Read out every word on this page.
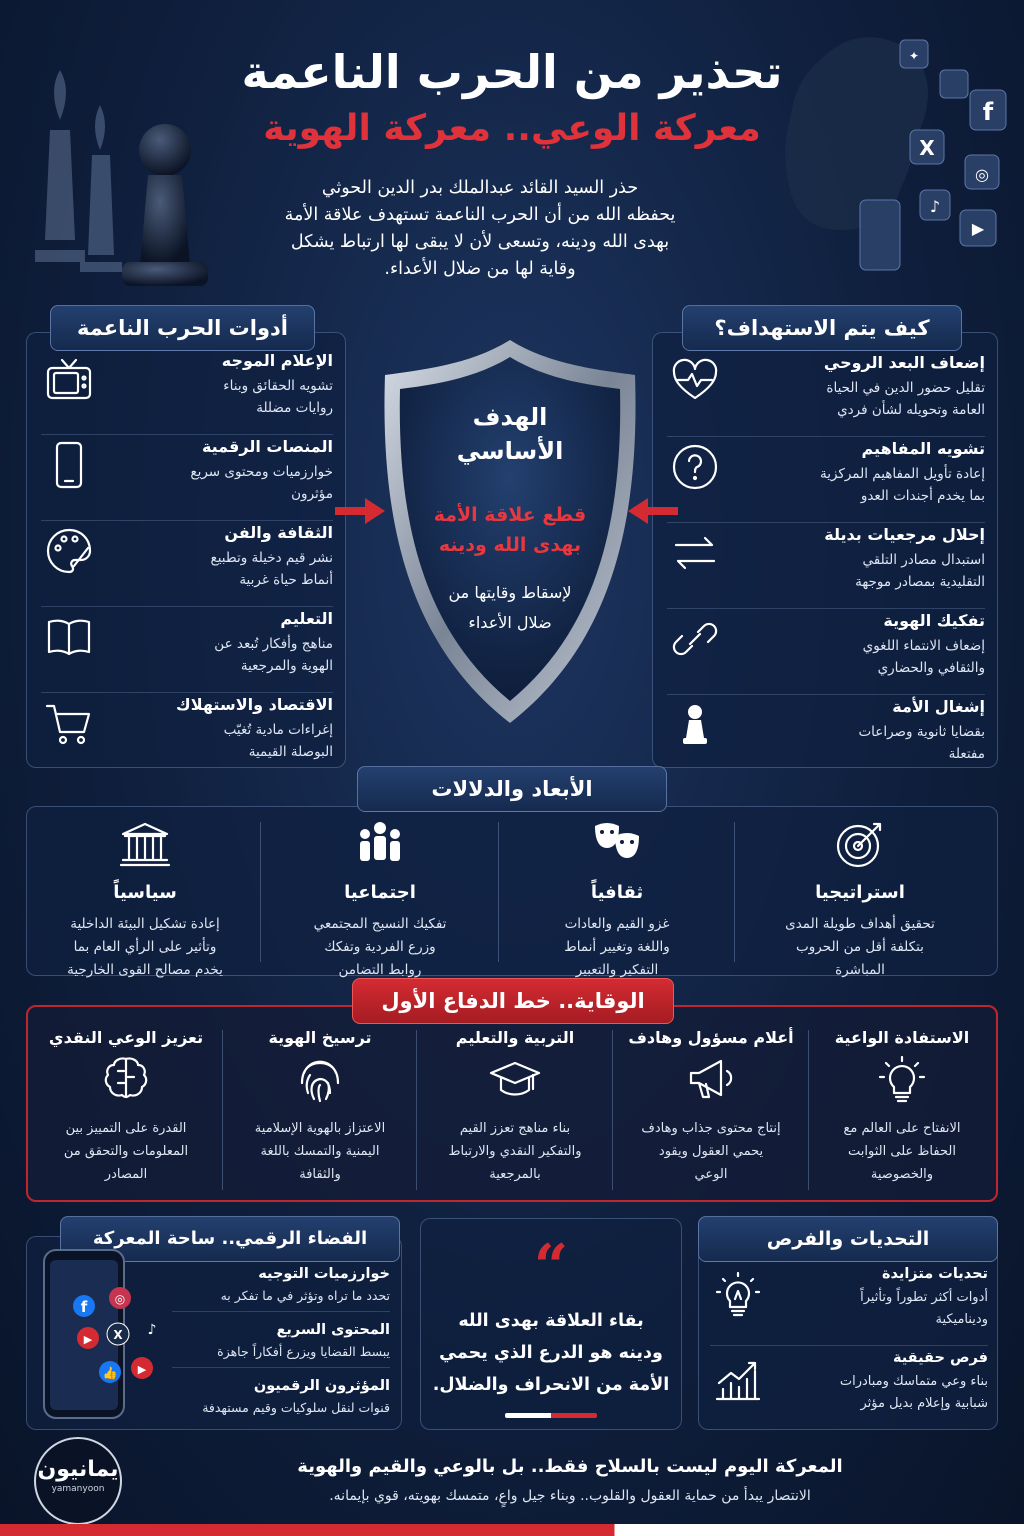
f
X
◎
♪
▶
✦
تحذير من الحرب الناعمة
معركة الوعي.. معركة الهوية
حذر السيد القائد عبدالملك بدر الدين الحوثي
يحفظه الله من أن الحرب الناعمة تستهدف علاقة الأمة
بهدى الله ودينه، وتسعى لأن لا يبقى لها ارتباط يشكل
وقاية لها من ضلال الأعداء.
إضعاف البعد الروحي
تقليل حضور الدين في الحياة
العامة وتحويله لشأن فردي
تشويه المفاهيم
إعادة تأويل المفاهيم المركزية
بما يخدم أجندات العدو
إحلال مرجعيات بديلة
استبدال مصادر التلقي
التقليدية بمصادر موجهة
تفكيك الهوية
إضعاف الانتماء اللغوي
والثقافي والحضاري
إشغال الأمة
بقضايا ثانوية وصراعات
مفتعلة
كيف يتم الاستهداف؟
الإعلام الموجه
تشويه الحقائق وبناء
روايات مضللة
المنصات الرقمية
خوارزميات ومحتوى سريع
مؤثرون
الثقافة والفن
نشر قيم دخيلة وتطبيع
أنماط حياة غربية
التعليم
مناهج وأفكار تُبعد عن
الهوية والمرجعية
الاقتصاد والاستهلاك
إغراءات مادية تُغيّب
البوصلة القيمية
أدوات الحرب الناعمة
الهدف
الأساسي
قطع علاقة الأمة
بهدى الله ودينه
لإسقاط وقايتها من
ضلال الأعداء
الأبعاد والدلالات
استراتيجيا
تحقيق أهداف طويلة المدى
بتكلفة أقل من الحروب
المباشرة
ثقافياً
غزو القيم والعادات
واللغة وتغيير أنماط
التفكير والتعبير
اجتماعيا
تفكيك النسيج المجتمعي
وزرع الفردية وتفكك
روابط التضامن
سياسياً
إعادة تشكيل البيئة الداخلية
وتأثير على الرأي العام بما
يخدم مصالح القوى الخارجية
الوقاية.. خط الدفاع الأول
الاستفادة الواعية
الانفتاح على العالم مع
الحفاظ على الثوابت
والخصوصية
أعلام مسؤول وهادف
إنتاج محتوى جذاب وهادف
يحمي العقول ويقود
الوعي
التربية والتعليم
بناء مناهج تعزز القيم
والتفكير النقدي والارتباط
بالمرجعية
ترسيخ الهوية
الاعتزاز بالهوية الإسلامية
اليمنية والتمسك باللغة
والثقافة
تعزيز الوعي النقدي
القدرة على التمييز بين
المعلومات والتحقق من
المصادر
الفضاء الرقمي.. ساحة المعركة
f ◎
▶ X
👍 ▶
♪
خوارزميات التوجيه
تحدد ما تراه وتؤثر في ما تفكر به
المحتوى السريع
يبسط القضايا ويزرع أفكاراً جاهزة
المؤثرون الرقميون
قنوات لنقل سلوكيات وقيم مستهدفة
“
بقاء العلاقة بهدى الله
ودينه هو الدرع الذي يحمي
الأمة من الانحراف والضلال.
التحديات والفرص
تحديات متزايدة
أدوات أكثر تطوراً وتأثيراً
وديناميكية
فرص حقيقية
بناء وعي متماسك ومبادرات
شبابية وإعلام بديل مؤثر
يمانيون
yamanyoon
المعركة اليوم ليست بالسلاح فقط.. بل بالوعي والقيم والهوية
الانتصار يبدأ من حماية العقول والقلوب.. وبناء جيل واعٍ، متمسك بهويته، قوي بإيمانه.
